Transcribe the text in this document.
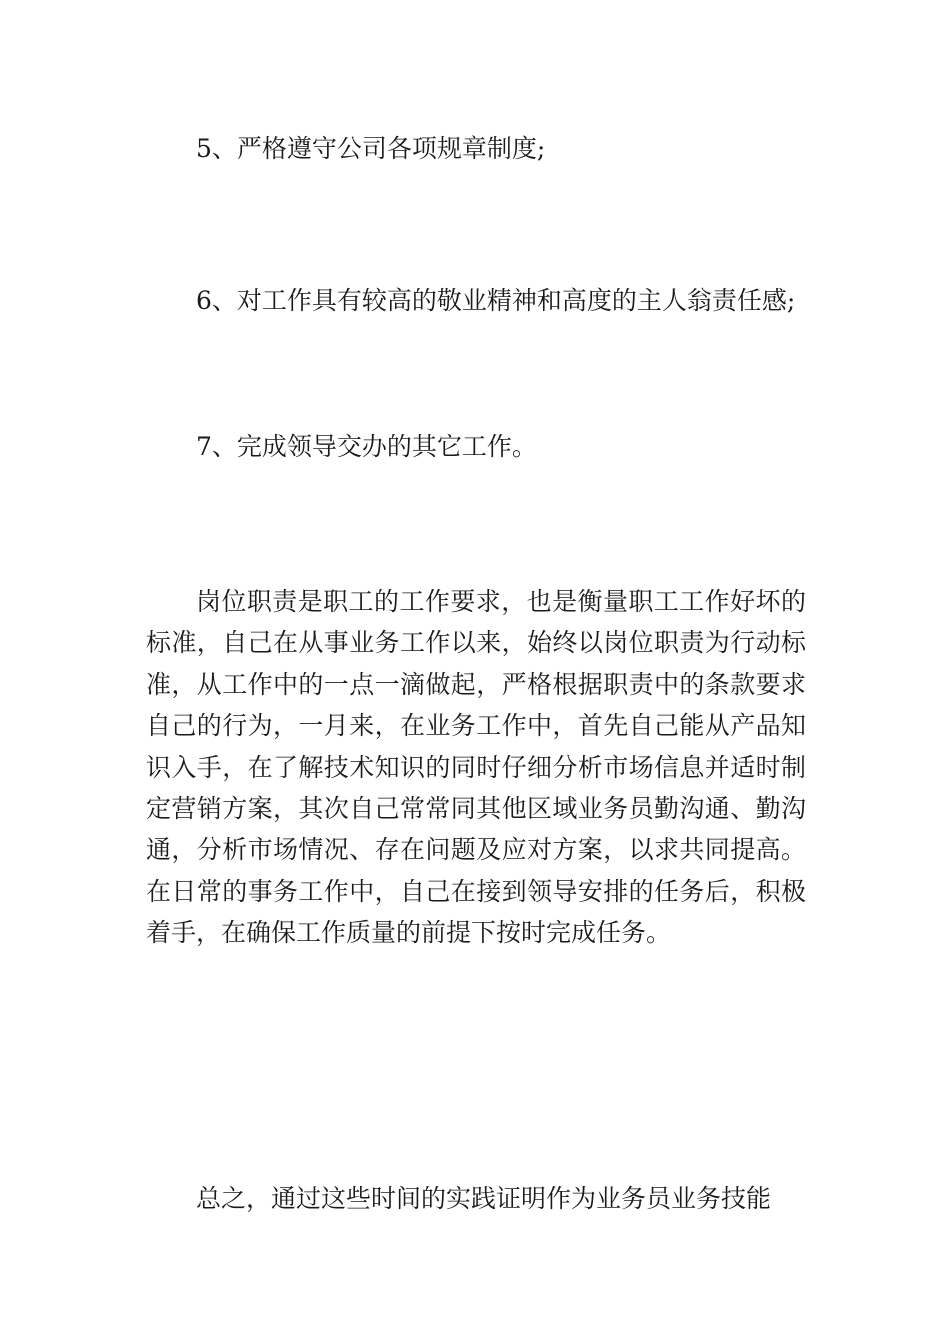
5、严格遵守公司各项规章制度;

6、对工作具有较高的敬业精神和高度的主人翁责任感;

7、完成领导交办的其它工作。

岗位职责是职工的工作要求，也是衡量职工工作好坏的标准，自己在从事业务工作以来，始终以岗位职责为行动标准，从工作中的一点一滴做起，严格根据职责中的条款要求自己的行为，一月来，在业务工作中，首先自己能从产品知识入手，在了解技术知识的同时仔细分析市场信息并适时制定营销方案，其次自己常常同其他区域业务员勤沟通、勤沟通，分析市场情况、存在问题及应对方案，以求共同提高。在日常的事务工作中，自己在接到领导安排的任务后，积极着手，在确保工作质量的前提下按时完成任务。

总之，通过这些时间的实践证明作为业务员业务技能
